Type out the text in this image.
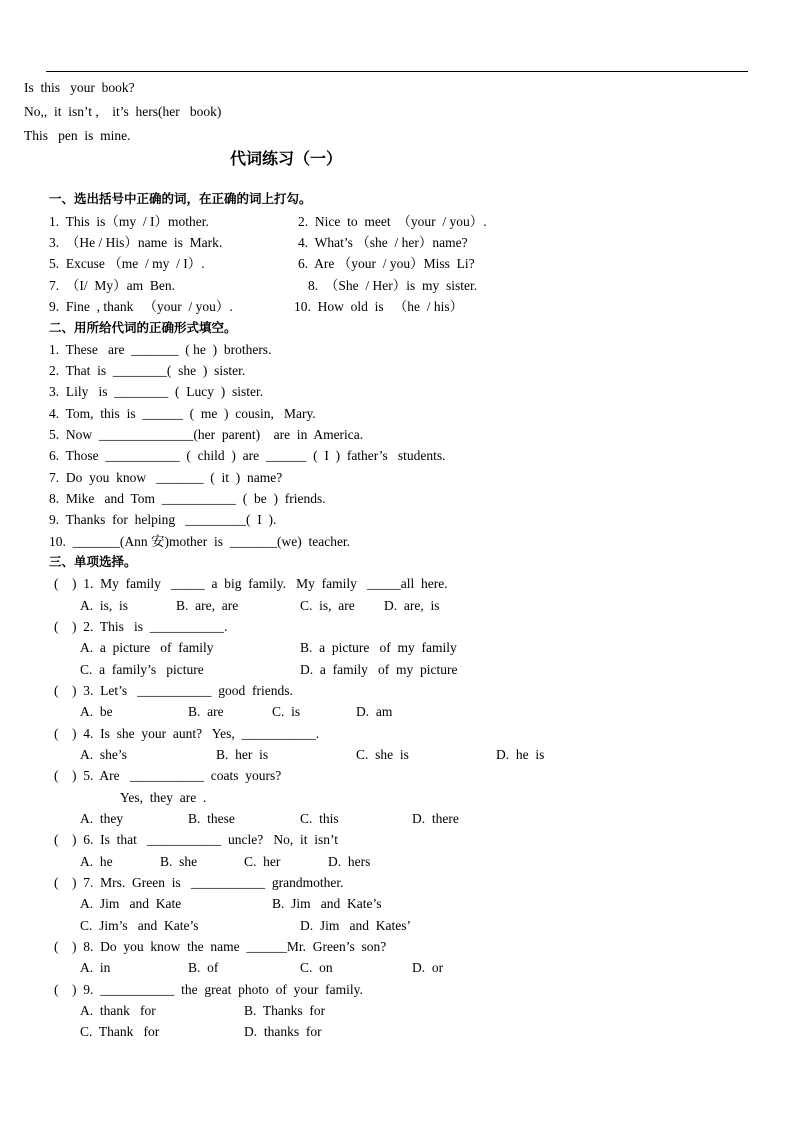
Is  this   your  book?
No,,  it  isn’t ,    it’s  hers(her   book)
This   pen  is  mine.
代词练习（一）
一、选出括号中正确的词，在正确的词上打勾。
1.  This  is（my  / I）mother.	2.  Nice  to  meet  （your  / you）.
3.  （He / His）name  is  Mark.	4.  What’s （she  / her）name?
5.  Excuse （me  / my  / I）.	6.  Are （your  / you）Miss  Li?
7.  （I/  My）am  Ben.	8.  （She  / Her）is  my  sister.
9.  Fine  , thank   （your  / you）.	10.  How  old  is   （he  / his）
二、用所给代词的正确形式填空。
1.  These   are  _______  ( he  )  brothers.
2.  That  is  ________(  she  )  sister.
3.  Lily   is  ________  (  Lucy  )  sister.
4.  Tom,  this  is  ______  (  me  )  cousin,   Mary.
5.  Now  ______________(her  parent)    are  in  America.
6.  Those  ___________  (  child  )  are  ______  (  I  )  father’s   students.
7.  Do  you  know   _______  (  it  )  name?
8.  Mike   and  Tom  ___________  (  be  )  friends.
9.  Thanks  for  helping   _________(  I  ).
10.  _______(Ann 安)mother  is  _______(we)  teacher.
三、单项选择。
(    )  1.  My  family   _____  a  big  family.   My  family   _____all  here.
A.  is,  is	B.  are,  are	C.  is,  are D.  are,  is
(    )  2.  This   is  ___________.
A.  a  picture   of  family	B.  a  picture   of  my  family
C.  a  family’s   picture	D.  a  family   of  my  picture
(    )  3.  Let’s   ___________  good  friends.
A.  be	B.  are	C.  is	D.  am
(    )  4.  Is  she  your  aunt?   Yes,  ___________.
A.  she’s	B.  her  is	C.  she  is	D.  he  is
(    )  5.  Are   ___________  coats  yours?
Yes,  they  are  .
A.  they	B.  these	C.  this	D.  there
(    )  6.  Is  that   ___________  uncle?   No,  it  isn’t
A.  he	B.  she	C.  her	D.  hers
(    )  7.  Mrs.  Green  is   ___________  grandmother.
A.  Jim   and  Kate	B.  Jim   and  Kate’s
C.  Jim’s   and  Kate’s	D.  Jim   and  Kates’
(    )  8.  Do  you  know  the  name  ______Mr.  Green’s  son?
A.  in	B.  of	C.  on	D.  or
(    )  9.  ___________  the  great  photo  of  your  family.
A.  thank   for	B.  Thanks  for
C.  Thank   for	D.  thanks  for
